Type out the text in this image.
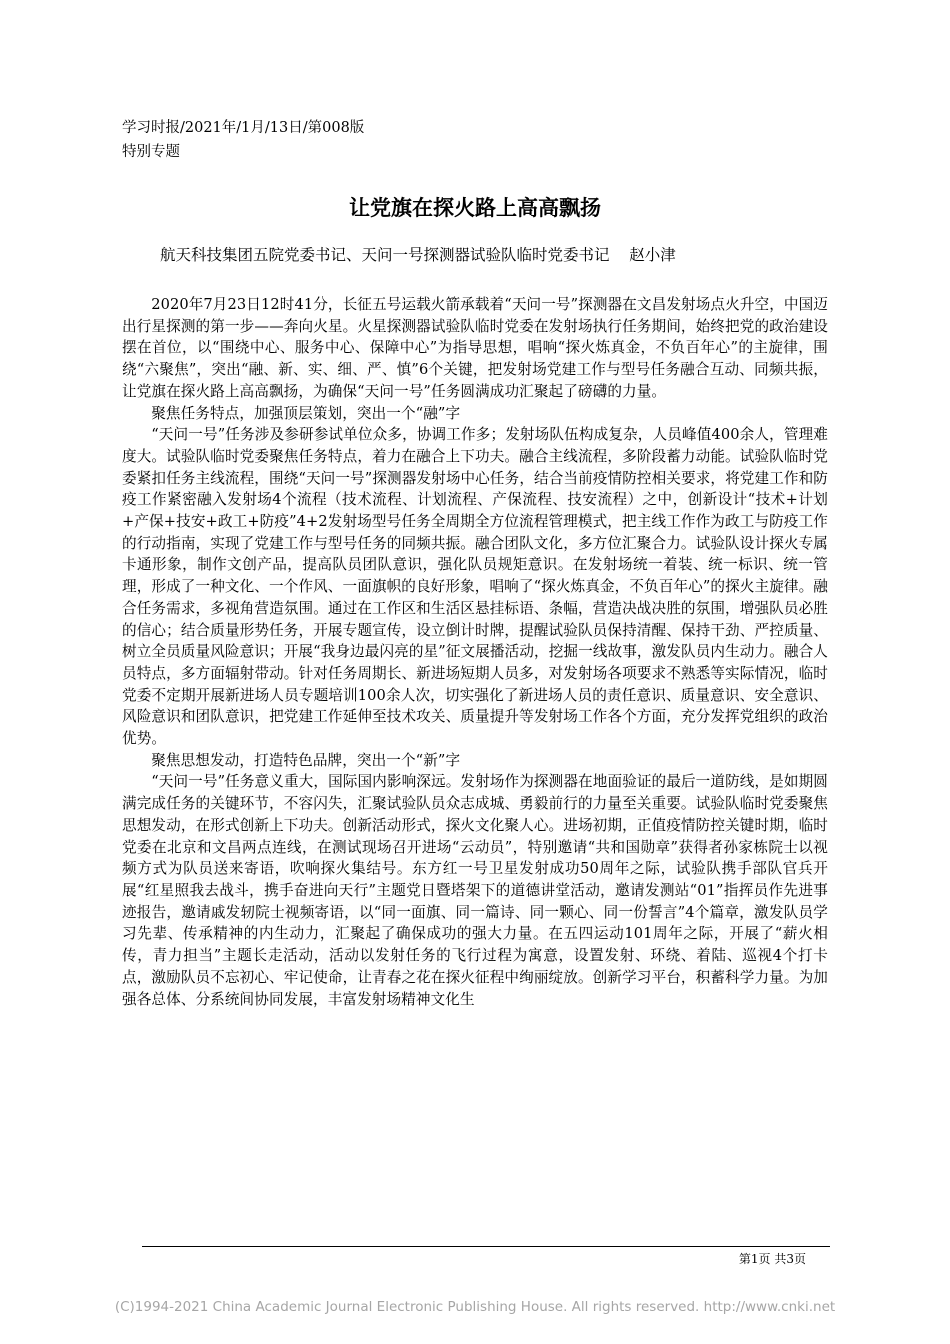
学习时报/2021年/1月/13日/第008版
特别专题
让党旗在探火路上高高飘扬
航天科技集团五院党委书记、天问一号探测器试验队临时党委书记    赵小津

2020年7月23日12时41分，长征五号运载火箭承载着“天问一号”探测器在文昌发射场点火升空，中国迈出行星探测的第一步——奔向火星。火星探测器试验队临时党委在发射场执行任务期间，始终把党的政治建设摆在首位，以“围绕中心、服务中心、保障中心”为指导思想，唱响“探火炼真金，不负百年心”的主旋律，围绕“六聚焦”，突出“融、新、实、细、严、慎”6个关键，把发射场党建工作与型号任务融合互动、同频共振，让党旗在探火路上高高飘扬，为确保“天问一号”任务圆满成功汇聚起了磅礴的力量。

聚焦任务特点，加强顶层策划，突出一个“融”字

“天问一号”任务涉及参研参试单位众多，协调工作多；发射场队伍构成复杂，人员峰值400余人，管理难度大。试验队临时党委聚焦任务特点，着力在融合上下功夫。融合主线流程，多阶段蓄力动能。试验队临时党委紧扣任务主线流程，围绕“天问一号”探测器发射场中心任务，结合当前疫情防控相关要求，将党建工作和防疫工作紧密融入发射场4个流程（技术流程、计划流程、产保流程、技安流程）之中，创新设计“技术+计划+产保+技安+政工+防疫”4+2发射场型号任务全周期全方位流程管理模式，把主线工作作为政工与防疫工作的行动指南，实现了党建工作与型号任务的同频共振。融合团队文化，多方位汇聚合力。试验队设计探火专属卡通形象，制作文创产品，提高队员团队意识，强化队员规矩意识。在发射场统一着装、统一标识、统一管理，形成了一种文化、一个作风、一面旗帜的良好形象，唱响了“探火炼真金，不负百年心”的探火主旋律。融合任务需求，多视角营造氛围。通过在工作区和生活区悬挂标语、条幅，营造决战决胜的氛围，增强队员必胜的信心；结合质量形势任务，开展专题宣传，设立倒计时牌，提醒试验队员保持清醒、保持干劲、严控质量、树立全员质量风险意识；开展“我身边最闪亮的星”征文展播活动，挖掘一线故事，激发队员内生动力。融合人员特点，多方面辐射带动。针对任务周期长、新进场短期人员多，对发射场各项要求不熟悉等实际情况，临时党委不定期开展新进场人员专题培训100余人次，切实强化了新进场人员的责任意识、质量意识、安全意识、风险意识和团队意识，把党建工作延伸至技术攻关、质量提升等发射场工作各个方面，充分发挥党组织的政治优势。

聚焦思想发动，打造特色品牌，突出一个“新”字

“天问一号”任务意义重大，国际国内影响深远。发射场作为探测器在地面验证的最后一道防线，是如期圆满完成任务的关键环节，不容闪失，汇聚试验队员众志成城、勇毅前行的力量至关重要。试验队临时党委聚焦思想发动，在形式创新上下功夫。创新活动形式，探火文化聚人心。进场初期，正值疫情防控关键时期，临时党委在北京和文昌两点连线，在测试现场召开进场“云动员”，特别邀请“共和国勋章”获得者孙家栋院士以视频方式为队员送来寄语，吹响探火集结号。东方红一号卫星发射成功50周年之际，试验队携手部队官兵开展“红星照我去战斗，携手奋进向天行”主题党日暨塔架下的道德讲堂活动，邀请发测站“01”指挥员作先进事迹报告，邀请戚发轫院士视频寄语，以“同一面旗、同一篇诗、同一颗心、同一份誓言”4个篇章，激发队员学习先辈、传承精神的内生动力，汇聚起了确保成功的强大力量。在五四运动101周年之际，开展了“薪火相传，青力担当”主题长走活动，活动以发射任务的飞行过程为寓意，设置发射、环绕、着陆、巡视4个打卡点，激励队员不忘初心、牢记使命，让青春之花在探火征程中绚丽绽放。创新学习平台，积蓄科学力量。为加强各总体、分系统间协同发展，丰富发射场精神文化生

第1页 共3页
(C)1994-2021 China Academic Journal Electronic Publishing House. All rights reserved. http://www.cnki.net
